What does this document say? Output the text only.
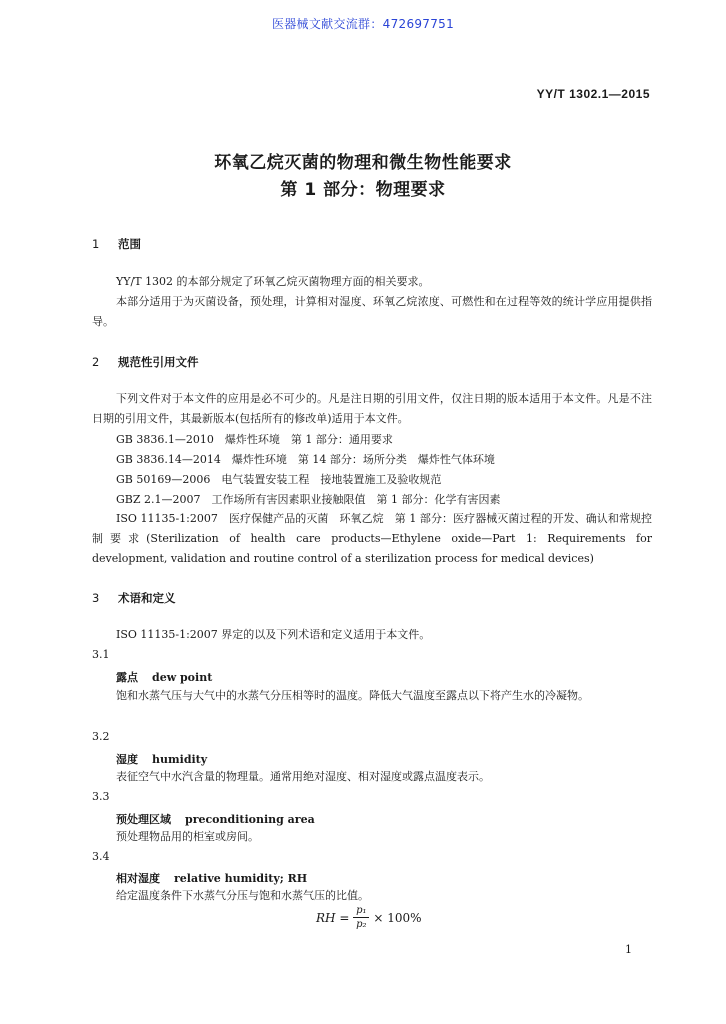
医器械文献交流群：472697751
YY/T 1302.1—2015
环氧乙烷灭菌的物理和微生物性能要求
第 1 部分：物理要求
1 范围
YY/T 1302 的本部分规定了环氧乙烷灭菌物理方面的相关要求。
本部分适用于为灭菌设备，预处理，计算相对湿度、环氧乙烷浓度、可燃性和在过程等效的统计学应用提供指导。
2 规范性引用文件
下列文件对于本文件的应用是必不可少的。凡是注日期的引用文件，仅注日期的版本适用于本文件。凡是不注日期的引用文件，其最新版本(包括所有的修改单)适用于本文件。
GB 3836.1—2010　爆炸性环境　第 1 部分：通用要求
GB 3836.14—2014　爆炸性环境　第 14 部分：场所分类　爆炸性气体环境
GB 50169—2006　电气装置安装工程　接地装置施工及验收规范
GBZ 2.1—2007　工作场所有害因素职业接触限值　第 1 部分：化学有害因素
ISO 11135-1:2007　医疗保健产品的灭菌　环氧乙烷　第 1 部分：医疗器械灭菌过程的开发、确认和常规控制要求(Sterilization of health care products—Ethylene oxide—Part 1: Requirements for development, validation and routine control of a sterilization process for medical devices)
3 术语和定义
ISO 11135-1:2007 界定的以及下列术语和定义适用于本文件。
3.1
露点 dew point
饱和水蒸气压与大气中的水蒸气分压相等时的温度。降低大气温度至露点以下将产生水的冷凝物。
3.2
湿度 humidity
表征空气中水汽含量的物理量。通常用绝对湿度、相对湿度或露点温度表示。
3.3
预处理区域 preconditioning area
预处理物品用的柜室或房间。
3.4
相对湿度 relative humidity; RH
给定温度条件下水蒸气分压与饱和水蒸气压的比值。
RH = $\frac{\text{p₁}}{\text{p₂}} \times 100\%$
1
